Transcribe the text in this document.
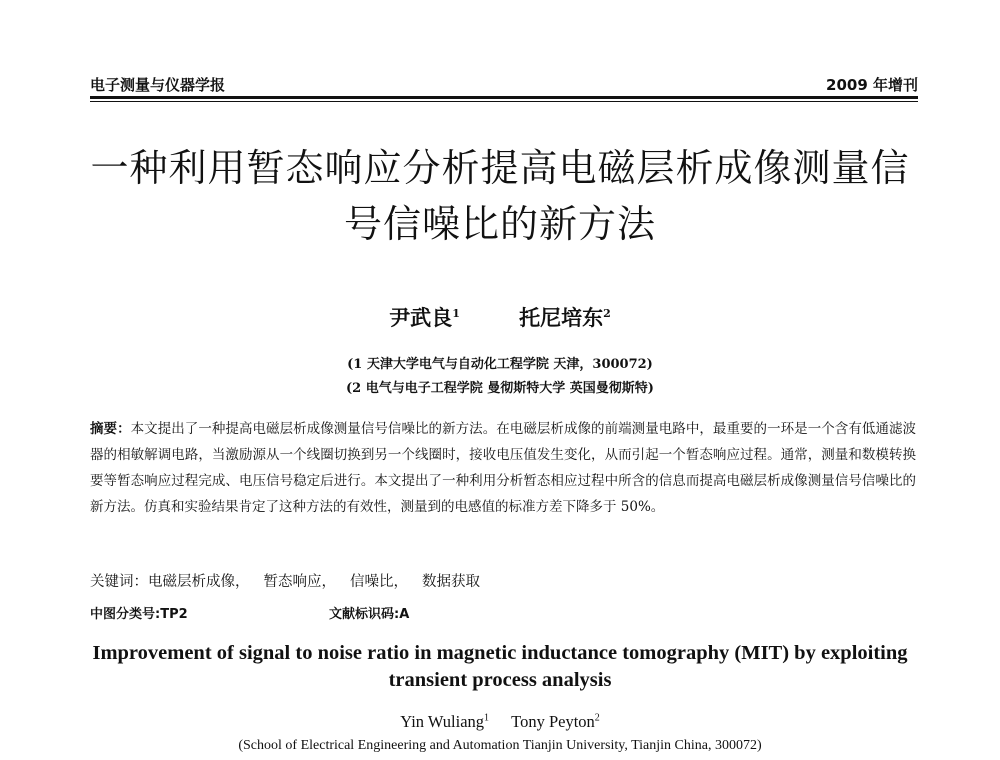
电子测量与仪器学报	2009 年增刊
一种利用暂态响应分析提高电磁层析成像测量信
号信噪比的新方法
尹武良$^1$	托尼培东$^2$
(1 天津大学电气与自动化工程学院 天津，300072)
(2 电气与电子工程学院 曼彻斯特大学 英国曼彻斯特)
摘要：本文提出了一种提高电磁层析成像测量信号信噪比的新方法。在电磁层析成像的前端测量电路中，最重要的一环是一个含有低通滤波器的相敏解调电路，当激励源从一个线圈切换到另一个线圈时，接收电压值发生变化，从而引起一个暂态响应过程。通常，测量和数模转换要等暂态响应过程完成、电压信号稳定后进行。本文提出了一种利用分析暂态相应过程中所含的信息而提高电磁层析成像测量信号信噪比的新方法。仿真和实验结果肯定了这种方法的有效性，测量到的电感值的标准方差下降多于 50%。
关键词：电磁层析成像， 暂态响应， 信噪比， 数据获取
中图分类号:TP2	文献标识码:A
Improvement of signal to noise ratio in magnetic inductance tomography (MIT) by exploiting
transient process analysis
Yin Wuliang$^1$ Tony Peyton$^2$
(School of Electrical Engineering and Automation Tianjin University, Tianjin China, 300072)
